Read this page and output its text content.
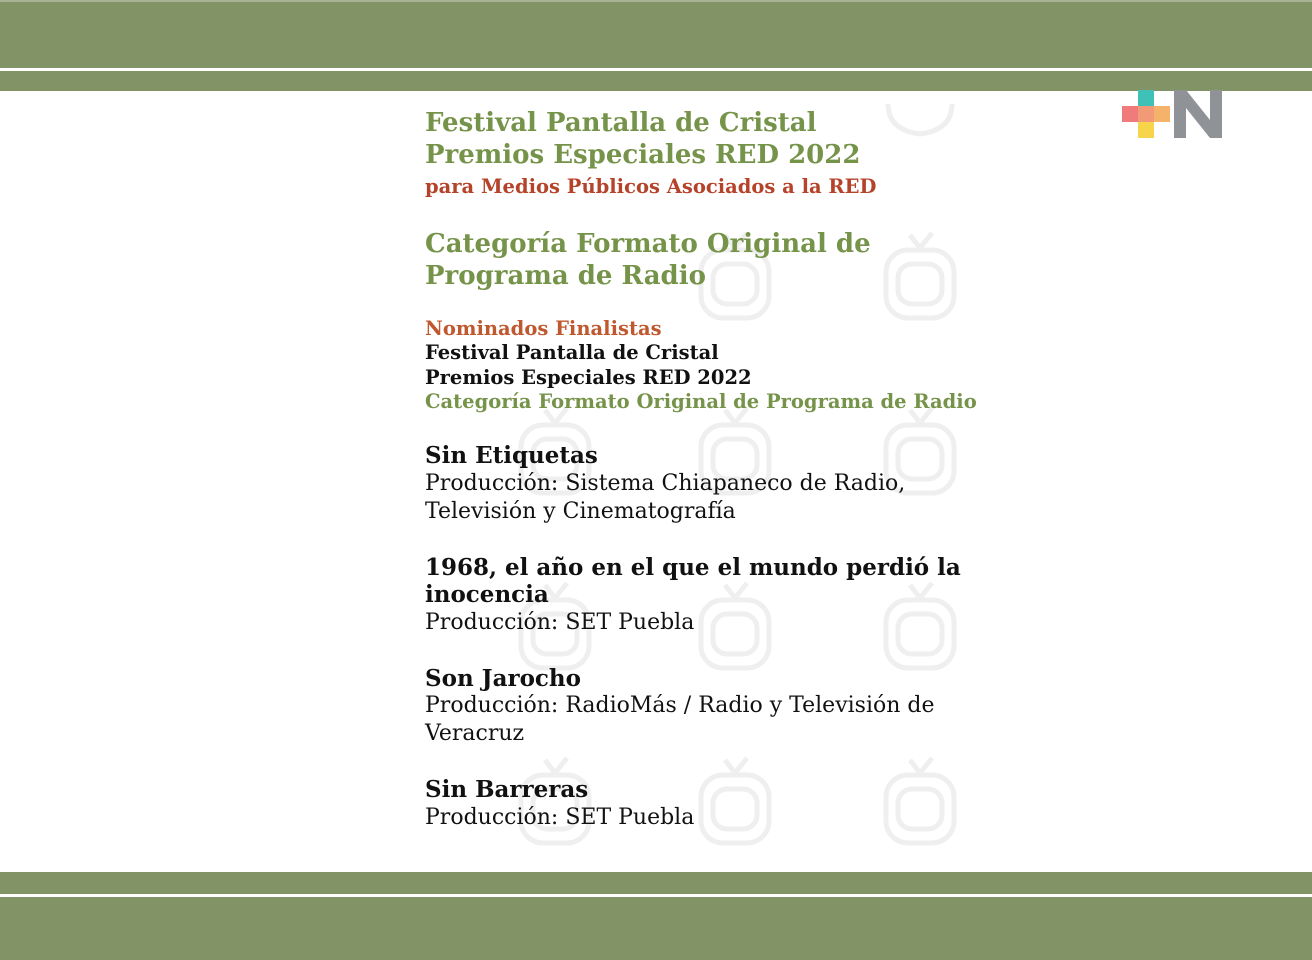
Festival Pantalla de Cristal
Premios Especiales RED 2022
para Medios Públicos Asociados a la RED
Categoría Formato Original de
Programa de Radio
Nominados Finalistas
Festival Pantalla de Cristal
Premios Especiales RED 2022
Categoría Formato Original de Programa de Radio
Sin Etiquetas
Producción: Sistema Chiapaneco de Radio,
Televisión y Cinematografía
1968, el año en el que el mundo perdió la
inocencia
Producción: SET Puebla
Son Jarocho
Producción: RadioMás / Radio y Televisión de
Veracruz
Sin Barreras
Producción: SET Puebla
